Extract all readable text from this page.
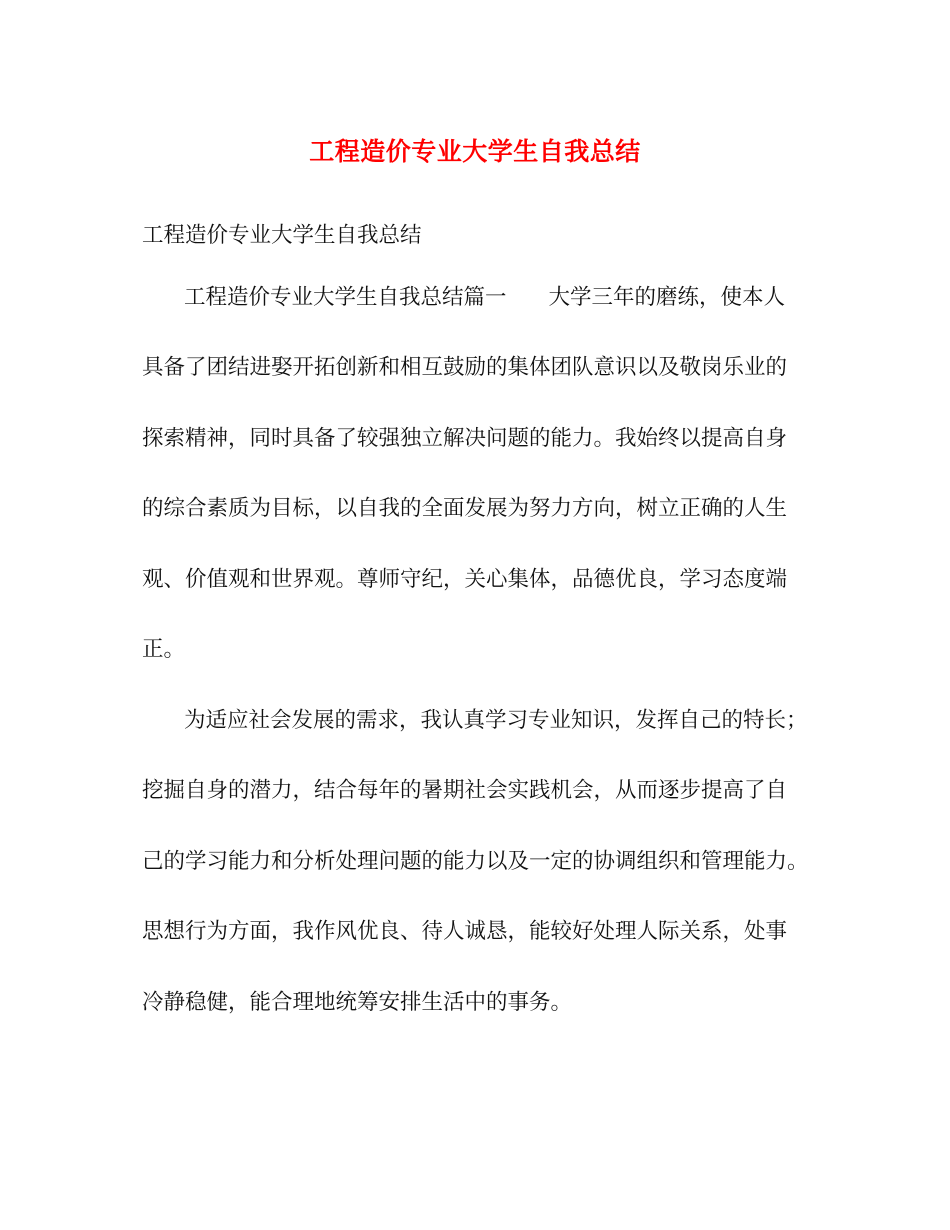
工程造价专业大学生自我总结
工程造价专业大学生自我总结
工程造价专业大学生自我总结篇一 大学三年的磨练，使本人
具备了团结进娶开拓创新和相互鼓励的集体团队意识以及敬岗乐业的
探索精神，同时具备了较强独立解决问题的能力。我始终以提高自身
的综合素质为目标，以自我的全面发展为努力方向，树立正确的人生
观、价值观和世界观。尊师守纪，关心集体，品德优良，学习态度端
正。
为适应社会发展的需求，我认真学习专业知识，发挥自己的特长；
挖掘自身的潜力，结合每年的暑期社会实践机会，从而逐步提高了自
己的学习能力和分析处理问题的能力以及一定的协调组织和管理能力。
思想行为方面，我作风优良、待人诚恳，能较好处理人际关系，处事
冷静稳健，能合理地统筹安排生活中的事务。
